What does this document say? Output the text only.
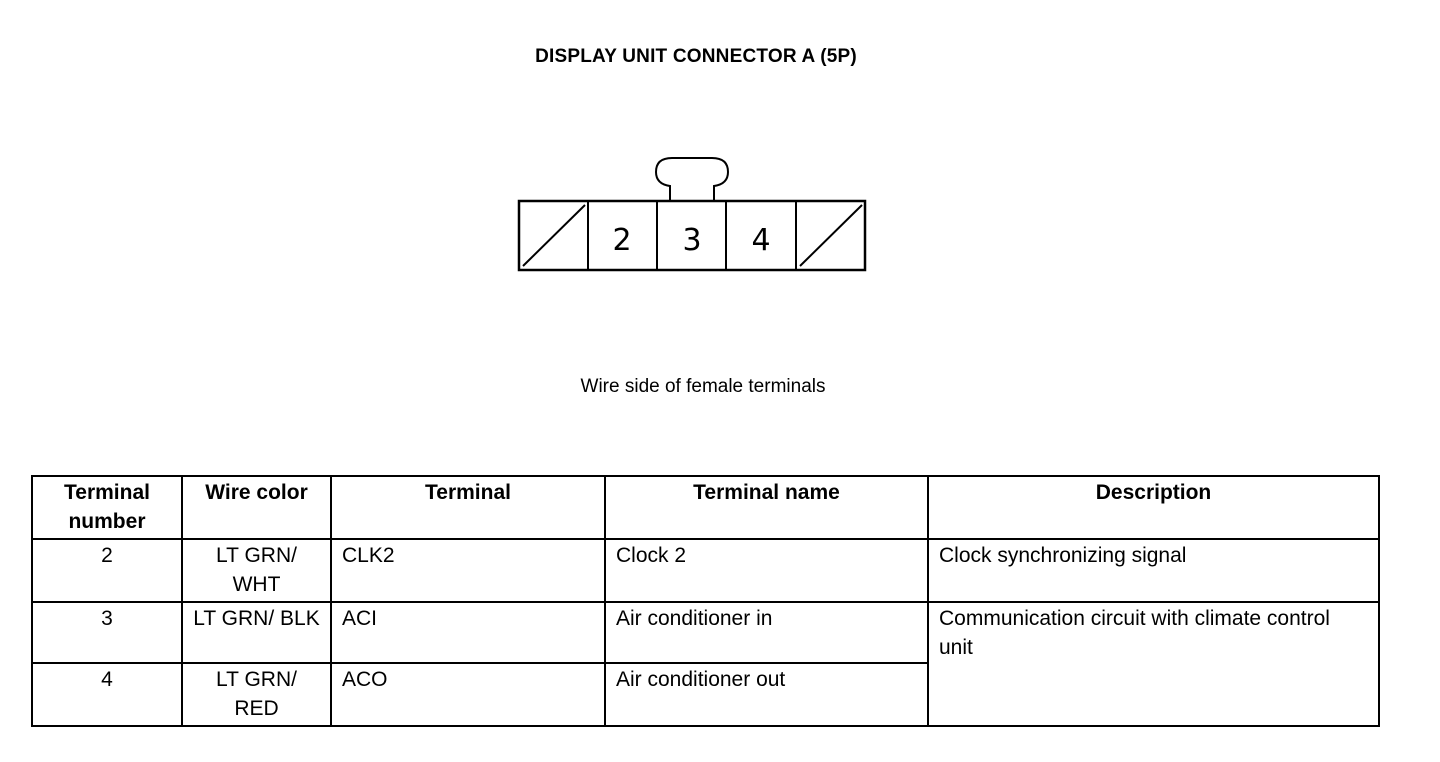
DISPLAY UNIT CONNECTOR A (5P)
2 3 4
Wire side of female terminals
Terminal number	Wire color	Terminal	Terminal name	Description
2	LT GRN/ WHT	CLK2	Clock 2	Clock synchronizing signal
3	LT GRN/ BLK	ACI	Air conditioner in	Communication circuit with climate control unit
4	LT GRN/ RED	ACO	Air conditioner out	
